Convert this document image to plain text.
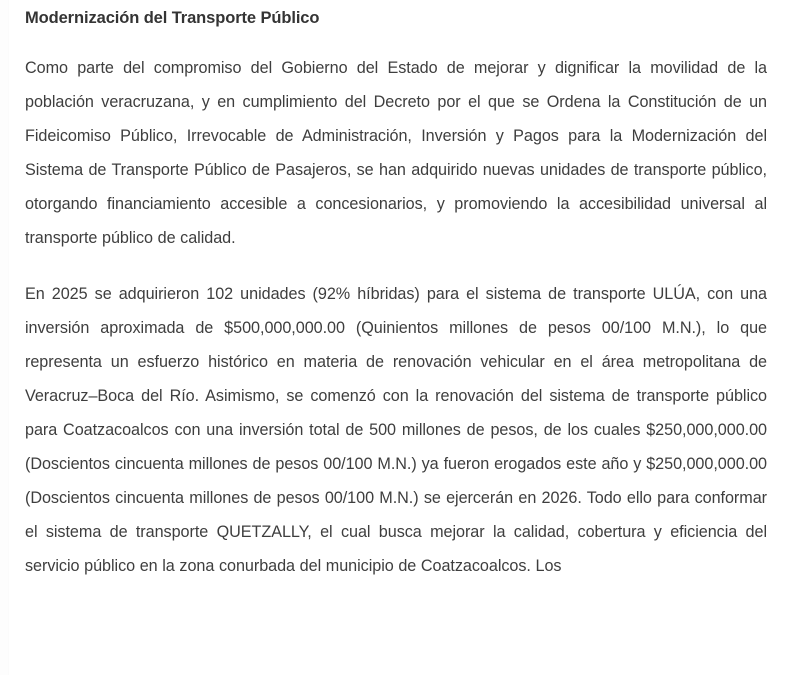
Modernización del Transporte Público

Como parte del compromiso del Gobierno del Estado de mejorar y dignificar la movilidad de la población veracruzana, y en cumplimiento del Decreto por el que se Ordena la Constitución de un Fideicomiso Público, Irrevocable de Administración, Inversión y Pagos para la Modernización del Sistema de Transporte Público de Pasajeros, se han adquirido nuevas unidades de transporte público, otorgando financiamiento accesible a concesionarios, y promoviendo la accesibilidad universal al transporte público de calidad.

En 2025 se adquirieron 102 unidades (92% híbridas) para el sistema de transporte ULÚA, con una inversión aproximada de $500,000,000.00 (Quinientos millones de pesos 00/100 M.N.), lo que representa un esfuerzo histórico en materia de renovación vehicular en el área metropolitana de Veracruz–Boca del Río. Asimismo, se comenzó con la renovación del sistema de transporte público para Coatzacoalcos con una inversión total de 500 millones de pesos, de los cuales $250,000,000.00 (Doscientos cincuenta millones de pesos 00/100 M.N.) ya fueron erogados este año y $250,000,000.00 (Doscientos cincuenta millones de pesos 00/100 M.N.) se ejercerán en 2026. Todo ello para conformar el sistema de transporte QUETZALLY, el cual busca mejorar la calidad, cobertura y eficiencia del servicio público en la zona conurbada del municipio de Coatzacoalcos. Los
